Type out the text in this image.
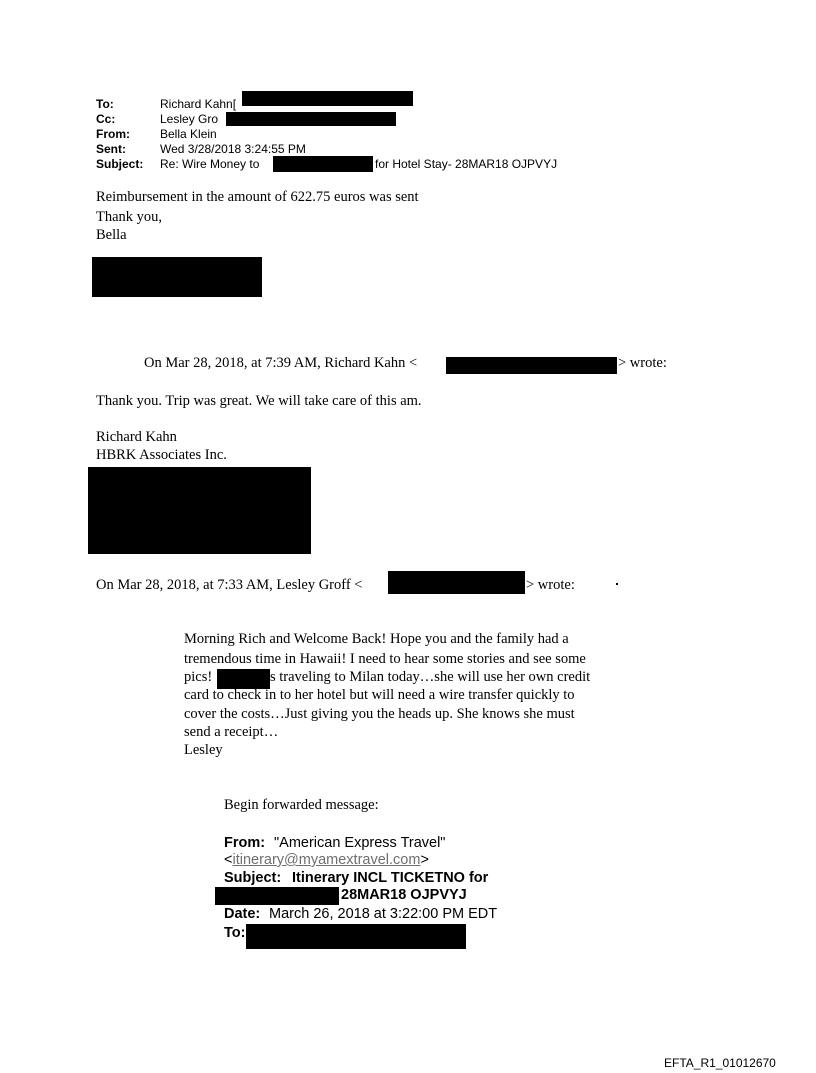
To:	Richard Kahn[
Cc:	Lesley Gro
From:	Bella Klein
Sent:	Wed 3/28/2018 3:24:55 PM
Subject: Re: Wire Money to	for Hotel Stay- 28MAR18 OJPVYJ
Reimbursement in the amount of 622.75 euros was sent
Thank you,
Bella
On Mar 28, 2018, at 7:39 AM, Richard Kahn <	> wrote:
Thank you. Trip was great. We will take care of this am.
Richard Kahn
HBRK Associates Inc.
On Mar 28, 2018, at 7:33 AM, Lesley Groff <	> wrote:
Morning Rich and Welcome Back! Hope you and the family had a
tremendous time in Hawaii! I need to hear some stories and see some
pics!	s traveling to Milan today…she will use her own credit
card to check in to her hotel but will need a wire transfer quickly to
cover the costs…Just giving you the heads up. She knows she must
send a receipt…
Lesley
Begin forwarded message:
From: "American Express Travel"
<itinerary@myamextravel.com>
Subject: Itinerary INCL TICKETNO for
28MAR18 OJPVYJ
Date: March 26, 2018 at 3:22:00 PM EDT
To:
EFTA_R1_01012670
